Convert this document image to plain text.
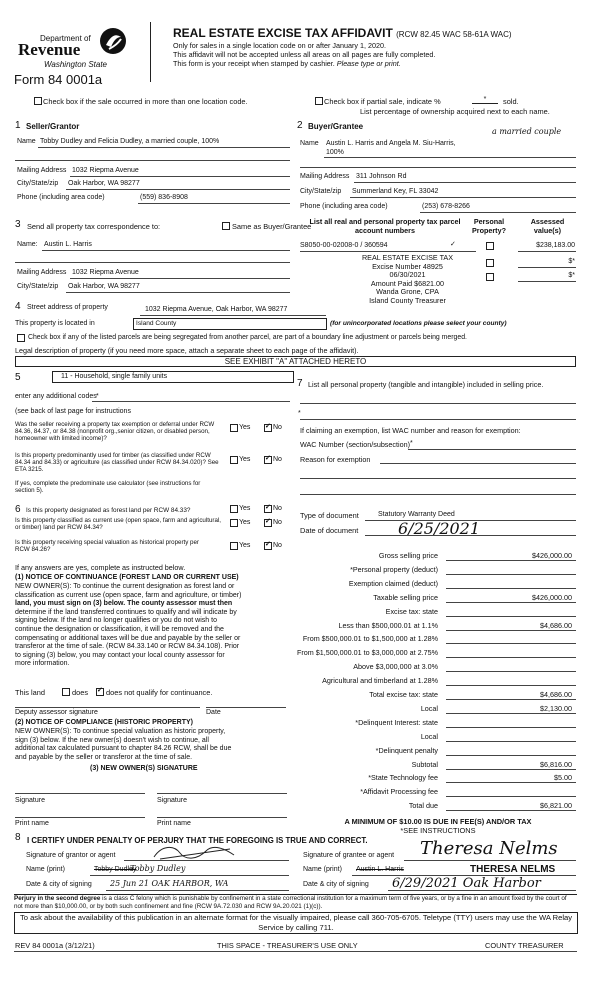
Department of
Revenue
Washington State
Form 84 0001a
REAL ESTATE EXCISE TAX AFFIDAVIT (RCW 82.45 WAC 58-61A WAC)
Only for sales in a single location code on or after January 1, 2020.
This affidavit will not be accepted unless all areas on all pages are fully completed.
This form is your receipt when stamped by cashier. Please type or print.
Check box if the sale occurred in more than one location code.	Check box if partial sale, indicate %	*	sold.
List percentage of ownership acquired next to each name.
1 Seller/Grantor
Name Tobby Dudley and Felicia Dudley, a married couple, 100%
Mailing Address 1032 Riepma Avenue
City/State/zip Oak Harbor, WA 98277
Phone (including area code)	(559) 836-8908
2 Buyer/Grantee
a married couple
Name Austin L. Harris and Angela M. Siu-Harris,
100%
Mailing Address 311 Johnson Rd
City/State/zip Summerland Key, FL 33042
Phone (including area code)	(253) 678-8266
3 Send all property tax correspondence to:	Same as Buyer/Grantee
Name: Austin L. Harris
Mailing Address 1032 Riepma Avenue
City/State/zip Oak Harbor, WA 98277
List all real and personal property tax parcel account numbers
Personal Property?
Assessed value(s)
S8050-00-02008-0 / 360594	✓	$238,183.00
REAL ESTATE EXCISE TAX
Excise Number 48925
06/30/2021
Amount Paid $6821.00
Wanda Grone, CPA
Island County Treasurer
$*
$*
4 Street address of property	1032 Riepma Avenue, Oak Harbor, WA 98277
This property is located in	Island County	(for unincorporated locations please select your county)
Check box if any of the listed parcels are being segregated from another parcel, are part of a boundary line adjustment or parcels being merged.
Legal description of property (if you need more space, attach a separate sheet to each page of the affidavit).
SEE EXHIBIT "A" ATTACHED HERETO
5	11 - Household, single family units
enter any additional codes *
(see back of last page for instructions
Was the seller receiving a property tax exemption or deferral under RCW 84.36, 84.37, or 84.38 (nonprofit org.,senior citizen, or disabled person, homeowner with limited income)?
Yes ✓	No
Is this property predominantly used for timber (as classified under RCW 84.34 and 84.33) or agriculture (as classified under RCW 84.34.020)? See ETA 3215.
Yes ✓	No
If yes, complete the predominate use calculator (see instructions for section 5).
7 List all personal property (tangible and intangible) included in selling price.
*
If claiming an exemption, list WAC number and reason for exemption:
WAC Number (section/subsection) *
Reason for exemption
6 Is this property designated as forest land per RCW 84.33?	Yes ✓	No
Is this property classified as current use (open space, farm and agricultural, or timber) land per RCW 84.34?
Yes ✓	No
Is this property receiving special valuation as historical property per RCW 84.26?
Yes ✓	No
If any answers are yes, complete as instructed below.
(1) NOTICE OF CONTINUANCE (FOREST LAND OR CURRENT USE)
NEW OWNER(S): To continue the current designation as forest land or
classification as current use (open space, farm and agriculture, or timber)
land, you must sign on (3) below. The county assessor must then
determine if the land transferred continues to qualify and will indicate by
signing below. If the land no longer qualifies or you do not wish to
continue the designation or classification, it will be removed and the
compensating or additional taxes will be due and payable by the seller or
transferor at the time of sale. (RCW 84.33.140 or RCW 84.34.108). Prior
to signing (3) below, you may contact your local county assessor for
more information.
This land	does ✓ does not qualify for continuance.
Deputy assessor signature	Date
(2) NOTICE OF COMPLIANCE (HISTORIC PROPERTY)
NEW OWNER(S): To continue special valuation as historic property,
sign (3) below. If the new owner(s) doesn't wish to continue, all
additional tax calculated pursuant to chapter 84.26 RCW, shall be due
and payable by the seller or transferor at the time of sale.
(3) NEW OWNER(S) SIGNATURE
Signature	Signature
Print name	Print name
Type of document	Statutory Warranty Deed
Date of document 6/25/2021
Gross selling price	$426,000.00
*Personal property (deduct)
Exemption claimed (deduct)
Taxable selling price	$426,000.00
Excise tax: state
Less than $500,000.01 at 1.1%	$4,686.00
From $500,000.01 to $1,500,000 at 1.28%
From $1,500,000.01 to $3,000,000 at 2.75%
Above $3,000,000 at 3.0%
Agricultural and timberland at 1.28%
Total excise tax: state	$4,686.00
Local	$2,130.00
*Delinquent Interest: state
Local
*Delinquent penalty
Subtotal	$6,816.00
*State Technology fee	$5.00
*Affidavit Processing fee
Total due	$6,821.00
A MINIMUM OF $10.00 IS DUE IN FEE(S) AND/OR TAX
*SEE INSTRUCTIONS
8 I CERTIFY UNDER PENALTY OF PERJURY THAT THE FOREGOING IS TRUE AND CORRECT.
Signature of grantor or agent
Name (print)	Tobby Dudley
Tobby Dudley
Date & city of signing 25 Jun 21 OAK HARBOR, WA
Signature of grantee or agent Theresa Nelms
Name (print) Austin L. Harris	THERESA NELMS
Date & city of signing 6/29/2021 Oak Harbor
Perjury in the second degree is a class C felony which is punishable by confinement in a state correctional institution for a maximum term of five years, or by a fine in an amount fixed by the court of not more than $10,000.00, or by both such confinement and fine (RCW 9A.72.030 and RCW 9A.20.021 (1)(c)).
To ask about the availability of this publication in an alternate format for the visually impaired, please call 360-705-6705. Teletype (TTY) users may use the WA Relay Service by calling 711.
REV 84 0001a (3/12/21)	THIS SPACE - TREASURER'S USE ONLY	COUNTY TREASURER
